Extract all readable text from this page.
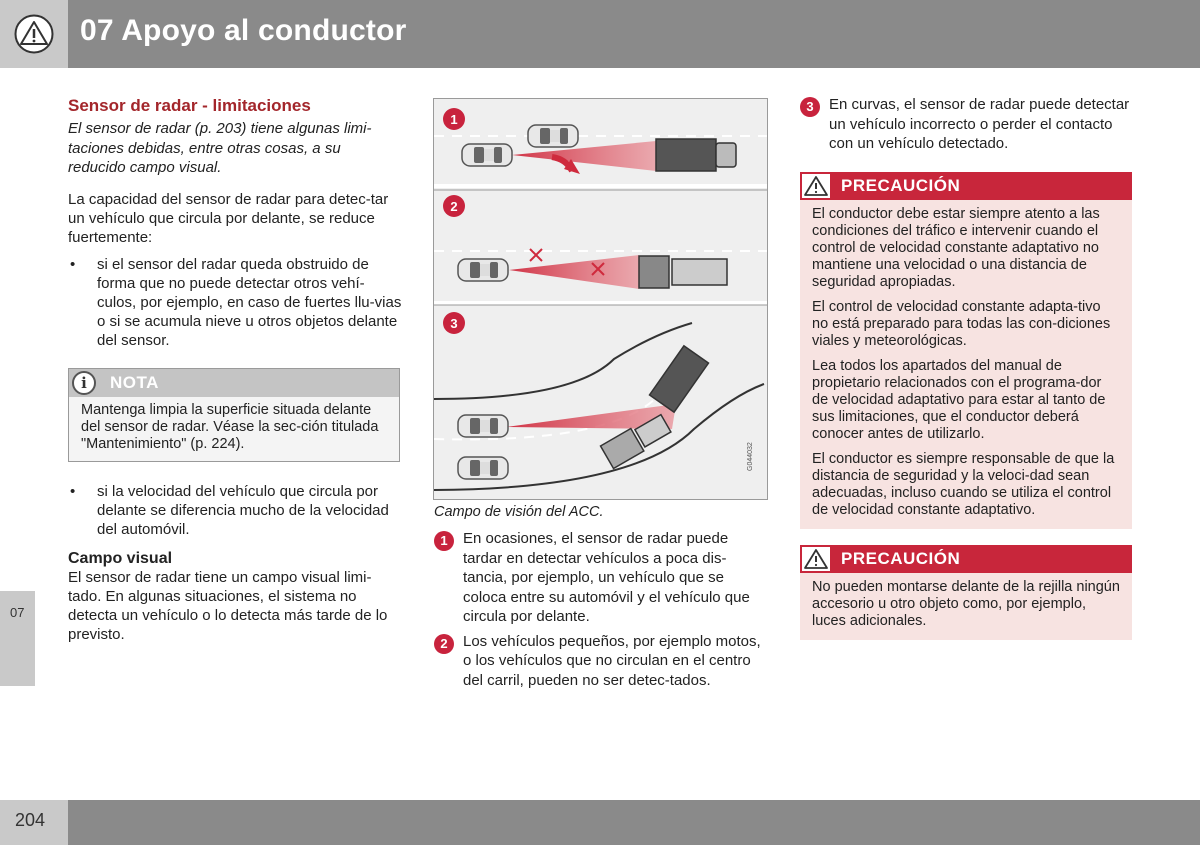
07 Apoyo al conductor
07
Sensor de radar - limitaciones
El sensor de radar (p. 203) tiene algunas limi-taciones debidas, entre otras cosas, a su reducido campo visual.
La capacidad del sensor de radar para detec-tar un vehículo que circula por delante, se reduce fuertemente:
• si el sensor del radar queda obstruido de forma que no puede detectar otros vehí-culos, por ejemplo, en caso de fuertes llu-vias o si se acumula nieve u otros objetos delante del sensor.
i	NOTA
Mantenga limpia la superficie situada delante del sensor de radar. Véase la sec-ción titulada "Mantenimiento" (p. 224).
• si la velocidad del vehículo que circula por delante se diferencia mucho de la velocidad del automóvil.
Campo visual
El sensor de radar tiene un campo visual limi-tado. En algunas situaciones, el sistema no detecta un vehículo o lo detecta más tarde de lo previsto.
1
2
3
G044032
Campo de visión del ACC.
1	En ocasiones, el sensor de radar puede tardar en detectar vehículos a poca dis-tancia, por ejemplo, un vehículo que se coloca entre su automóvil y el vehículo que circula por delante.
2	Los vehículos pequeños, por ejemplo motos, o los vehículos que no circulan en el centro del carril, pueden no ser detec-tados.
3	En curvas, el sensor de radar puede detectar un vehículo incorrecto o perder el contacto con un vehículo detectado.
PRECAUCIÓN

El conductor debe estar siempre atento a las condiciones del tráfico e intervenir cuando el control de velocidad constante adaptativo no mantiene una velocidad o una distancia de seguridad apropiadas.

El control de velocidad constante adapta-tivo no está preparado para todas las con-diciones viales y meteorológicas.

Lea todos los apartados del manual de propietario relacionados con el programa-dor de velocidad adaptativo para estar al tanto de sus limitaciones, que el conductor deberá conocer antes de utilizarlo.

El conductor es siempre responsable de que la distancia de seguridad y la veloci-dad sean adecuadas, incluso cuando se utiliza el control de velocidad constante adaptativo.

PRECAUCIÓN

No pueden montarse delante de la rejilla ningún accesorio u otro objeto como, por ejemplo, luces adicionales.

204
